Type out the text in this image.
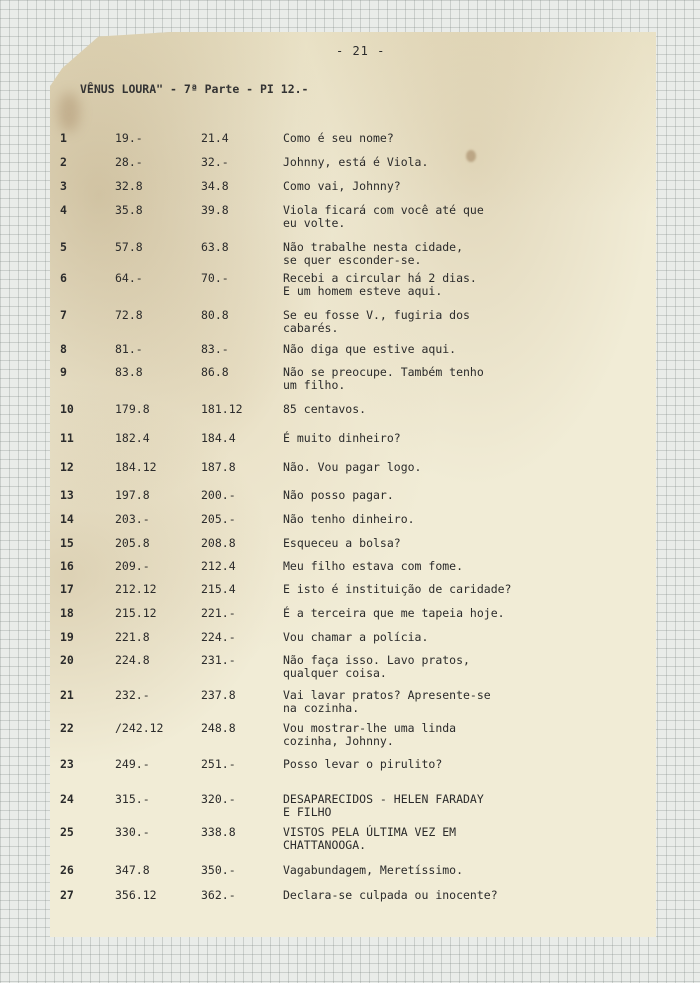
- 21 -
VÊNUS LOURA" - 7ª Parte - PI 12.-
1	19.-	21.4	Como é seu nome?
2	28.-	32.-	Johnny, está é Viola.
3	32.8	34.8	Como vai, Johnny?
4	35.8	39.8	Viola ficará com você até que
eu volte.
5	57.8	63.8	Não trabalhe nesta cidade,
se quer esconder-se.
6	64.-	70.-	Recebi a circular há 2 dias.
E um homem esteve aqui.
7	72.8	80.8	Se eu fosse V., fugiria dos
cabarés.
8	81.-	83.-	Não diga que estive aqui.
9	83.8	86.8	Não se preocupe. Também tenho
um filho.
10	179.8	181.12	85 centavos.
11	182.4	184.4	É muito dinheiro?
12	184.12	187.8	Não. Vou pagar logo.
13	197.8	200.-	Não posso pagar.
14	203.-	205.-	Não tenho dinheiro.
15	205.8	208.8	Esqueceu a bolsa?
16	209.-	212.4	Meu filho estava com fome.
17	212.12	215.4	E isto é instituição de caridade?
18	215.12	221.-	É a terceira que me tapeia hoje.
19	221.8	224.-	Vou chamar a polícia.
20	224.8	231.-	Não faça isso. Lavo pratos,
qualquer coisa.
21	232.-	237.8	Vai lavar pratos? Apresente-se
na cozinha.
22	/242.12	248.8	Vou mostrar-lhe uma linda
cozinha, Johnny.
23	249.-	251.-	Posso levar o pirulito?
24	315.-	320.-	DESAPARECIDOS - HELEN FARADAY
E FILHO
25	330.-	338.8	VISTOS PELA ÚLTIMA VEZ EM
CHATTANOOGA.
26	347.8	350.-	Vagabundagem, Meretíssimo.
27	356.12	362.-	Declara-se culpada ou inocente?
